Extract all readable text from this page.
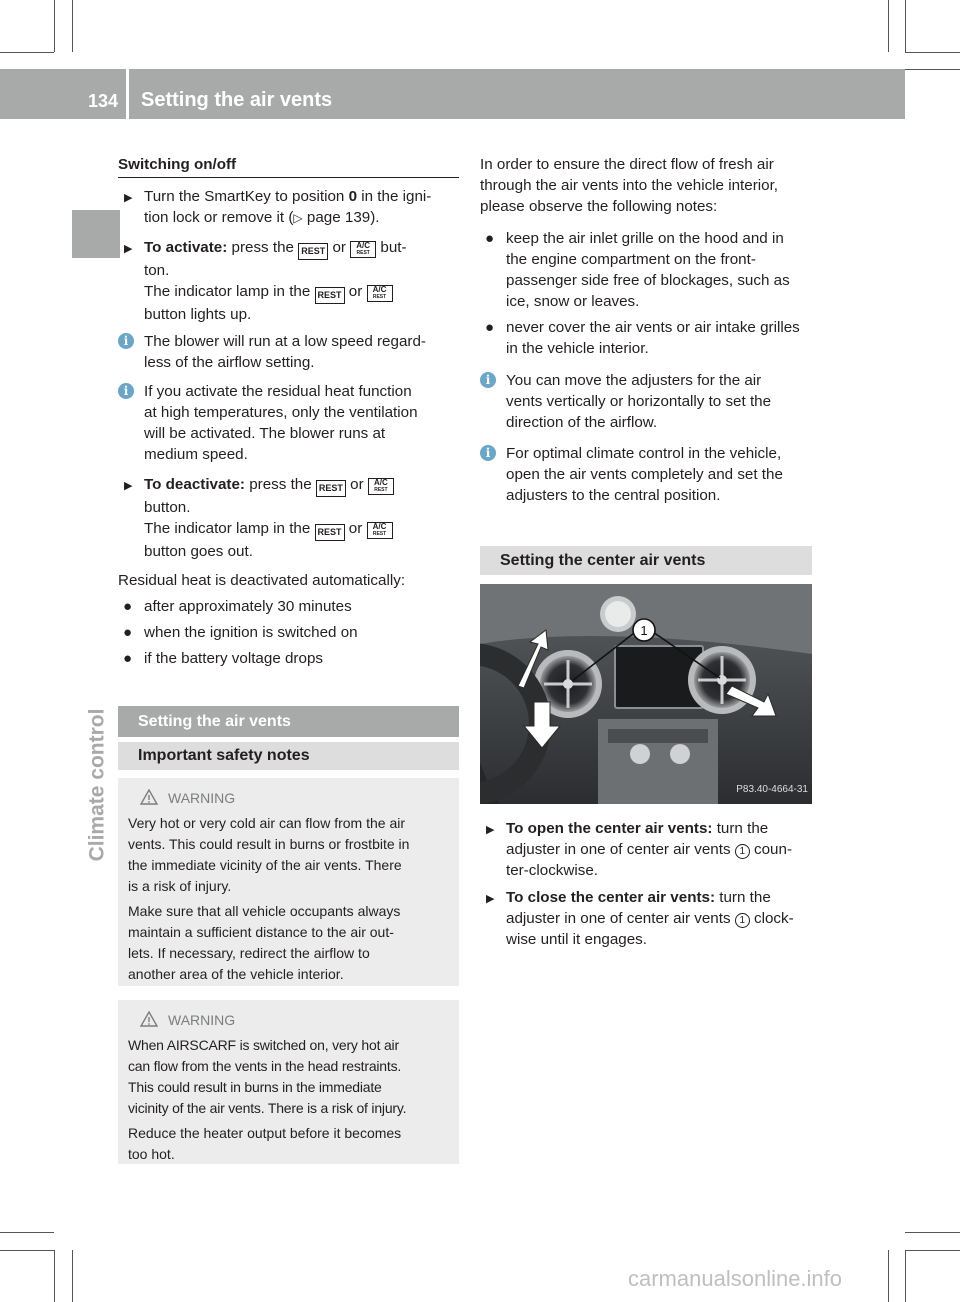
134 Setting the air vents
Climate control
Switching on/off
▶ Turn the SmartKey to position 0 in the igni-
tion lock or remove it (▷ page 139).
▶ To activate: press the REST or A/C
REST but-
ton.
The indicator lamp in the REST or A/C
REST

button lights up.
i	The blower will run at a low speed regard-
less of the airflow setting.
i	If you activate the residual heat function
at high temperatures, only the ventilation
will be activated. The blower runs at
medium speed.
▶ To deactivate: press the REST or A/C
REST

button.
The indicator lamp in the REST or A/C
REST

button goes out.
Residual heat is deactivated automatically:
● after approximately 30 minutes
● when the ignition is switched on
● if the battery voltage drops
Setting the air vents
Important safety notes
WARNING

Very hot or very cold air can flow from the air
vents. This could result in burns or frostbite in
the immediate vicinity of the air vents. There
is a risk of injury.

Make sure that all vehicle occupants always
maintain a sufficient distance to the air out-
lets. If necessary, redirect the airflow to
another area of the vehicle interior.

WARNING

When AIRSCARF is switched on, very hot air
can flow from the vents in the head restraints.
This could result in burns in the immediate
vicinity of the air vents. There is a risk of injury.

Reduce the heater output before it becomes
too hot.

In order to ensure the direct flow of fresh air
through the air vents into the vehicle interior,
please observe the following notes:
● keep the air inlet grille on the hood and in
the engine compartment on the front-
passenger side free of blockages, such as
ice, snow or leaves.
● never cover the air vents or air intake grilles
in the vehicle interior.
i	You can move the adjusters for the air
vents vertically or horizontally to set the
direction of the airflow.
i	For optimal climate control in the vehicle,
open the air vents completely and set the
adjusters to the central position.
Setting the center air vents
1
P83.40-4664-31
▶ To open the center air vents: turn the
adjuster in one of center air vents 1 coun-
ter-clockwise.
▶ To close the center air vents: turn the
adjuster in one of center air vents 1 clock-
wise until it engages.
carmanualsonline.info
